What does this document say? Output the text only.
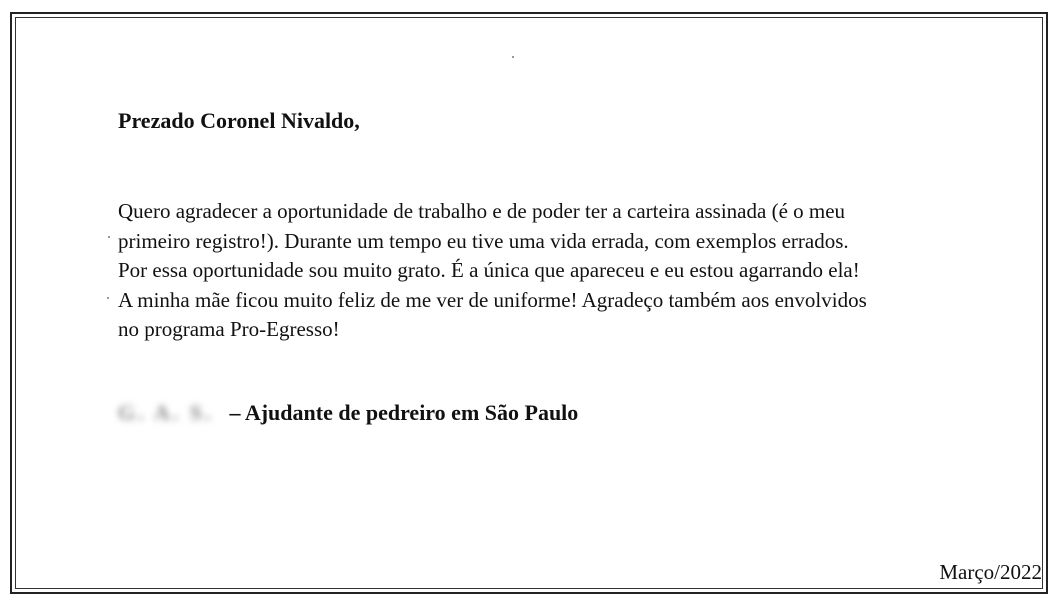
Prezado Coronel Nivaldo,
Quero agradecer a oportunidade de trabalho e de poder ter a carteira assinada (é o meu
primeiro registro!). Durante um tempo eu tive uma vida errada, com exemplos errados.
Por essa oportunidade sou muito grato. É a única que apareceu e eu estou agarrando ela!
A minha mãe ficou muito feliz de me ver de uniforme! Agradeço também aos envolvidos
no programa Pro-Egresso!
G. A. S. – Ajudante de pedreiro em São Paulo
Março/2022
